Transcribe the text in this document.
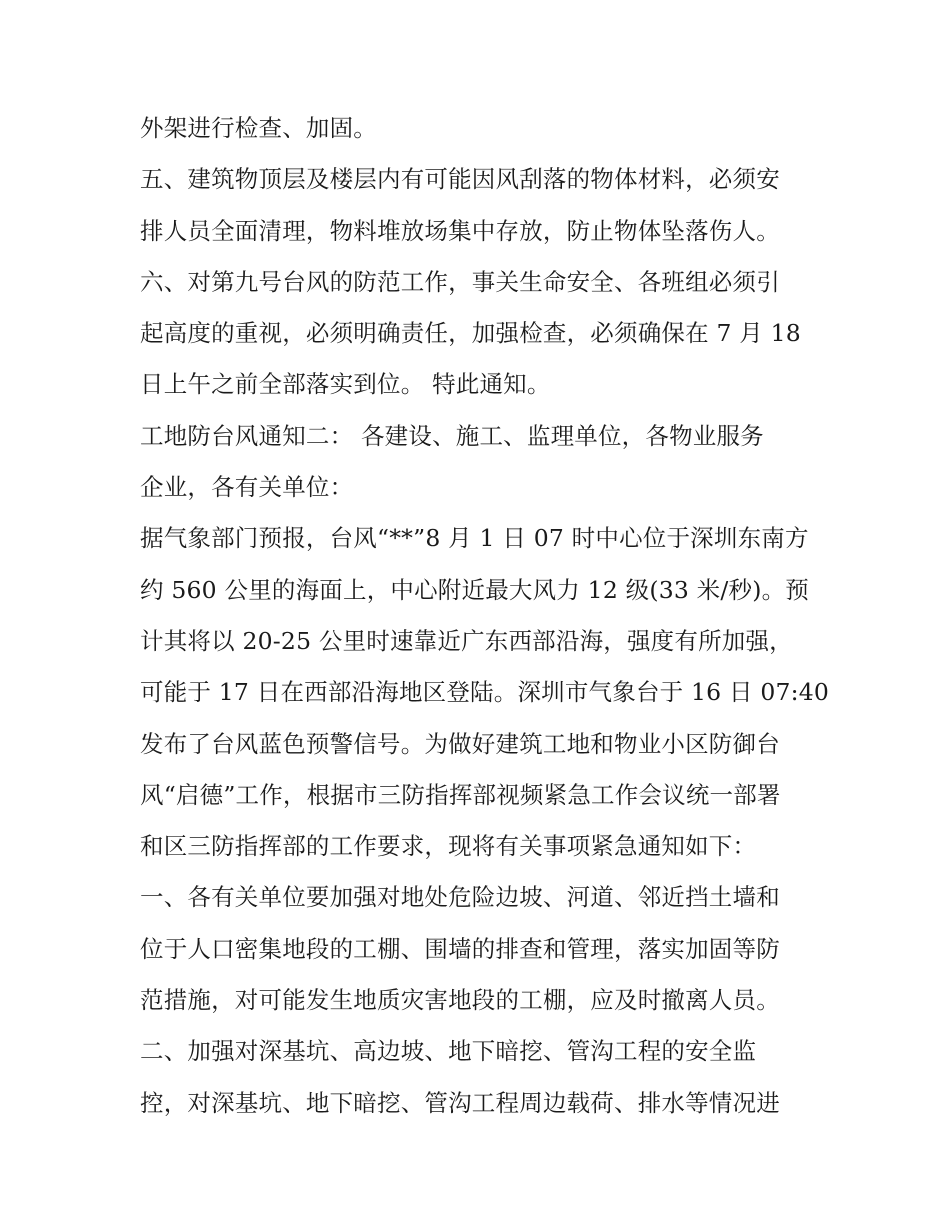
外架进行检查、加固。
五、建筑物顶层及楼层内有可能因风刮落的物体材料，必须安
排人员全面清理，物料堆放场集中存放，防止物体坠落伤人。
六、对第九号台风的防范工作，事关生命安全、各班组必须引
起高度的重视，必须明确责任，加强检查，必须确保在 7 月 18
日上午之前全部落实到位。 特此通知。
工地防台风通知二： 各建设、施工、监理单位，各物业服务
企业，各有关单位：
据气象部门预报，台风“**”8 月 1 日 07 时中心位于深圳东南方
约 560 公里的海面上，中心附近最大风力 12 级(33 米/秒)。预
计其将以 20-25 公里时速靠近广东西部沿海，强度有所加强，
可能于 17 日在西部沿海地区登陆。深圳市气象台于 16 日 07:40
发布了台风蓝色预警信号。为做好建筑工地和物业小区防御台
风“启德”工作，根据市三防指挥部视频紧急工作会议统一部署
和区三防指挥部的工作要求，现将有关事项紧急通知如下：
一、各有关单位要加强对地处危险边坡、河道、邻近挡土墙和
位于人口密集地段的工棚、围墙的排查和管理，落实加固等防
范措施，对可能发生地质灾害地段的工棚，应及时撤离人员。
二、加强对深基坑、高边坡、地下暗挖、管沟工程的安全监
控，对深基坑、地下暗挖、管沟工程周边载荷、排水等情况进
